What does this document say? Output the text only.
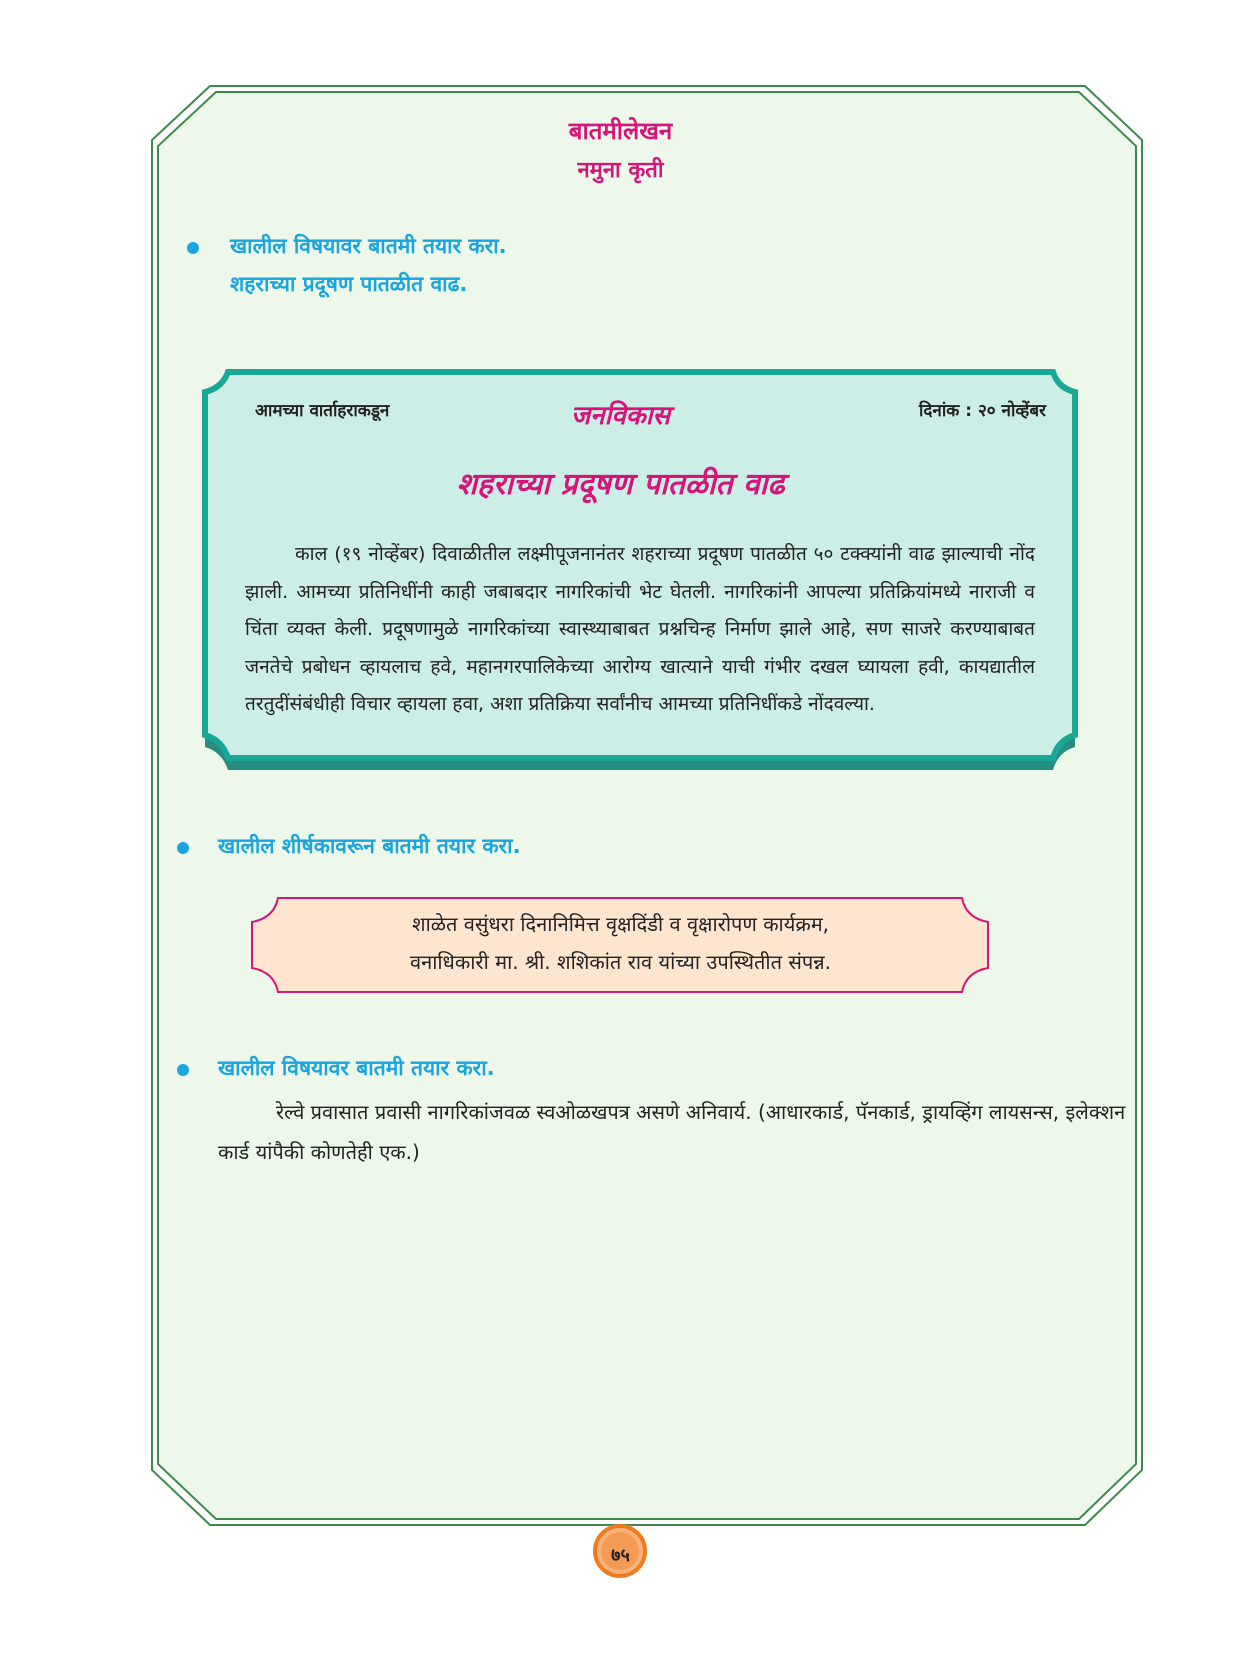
बातमीलेखन
नमुना कृती
खालील विषयावर बातमी तयार करा.
शहराच्या प्रदूषण पातळीत वाढ.
आमच्या वार्ताहराकडून	जनविकास	दिनांक : २० नोव्हेंबर
शहराच्या प्रदूषण पातळीत वाढ
काल (१९ नोव्हेंबर) दिवाळीतील लक्ष्मीपूजनानंतर शहराच्या प्रदूषण पातळीत ५० टक्क्यांनी वाढ झाल्याची नोंद झाली. आमच्या प्रतिनिधींनी काही जबाबदार नागरिकांची भेट घेतली. नागरिकांनी आपल्या प्रतिक्रियांमध्ये नाराजी व चिंता व्यक्त केली. प्रदूषणामुळे नागरिकांच्या स्वास्थ्याबाबत प्रश्नचिन्ह निर्माण झाले आहे, सण साजरे करण्याबाबत जनतेचे प्रबोधन व्हायलाच हवे, महानगरपालिकेच्या आरोग्य खात्याने याची गंभीर दखल घ्यायला हवी, कायद्यातील तरतुदींसंबंधीही विचार व्हायला हवा, अशा प्रतिक्रिया सर्वांनीच आमच्या प्रतिनिधींकडे नोंदवल्या.
खालील शीर्षकावरून बातमी तयार करा.
शाळेत वसुंधरा दिनानिमित्त वृक्षदिंडी व वृक्षारोपण कार्यक्रम,
वनाधिकारी मा. श्री. शशिकांत राव यांच्या उपस्थितीत संपन्न.
खालील विषयावर बातमी तयार करा.
रेल्वे प्रवासात प्रवासी नागरिकांजवळ स्वओळखपत्र असणे अनिवार्य. (आधारकार्ड, पॅनकार्ड, ड्रायव्हिंग लायसन्स, इलेक्शन कार्ड यांपैकी कोणतेही एक.)
७५
